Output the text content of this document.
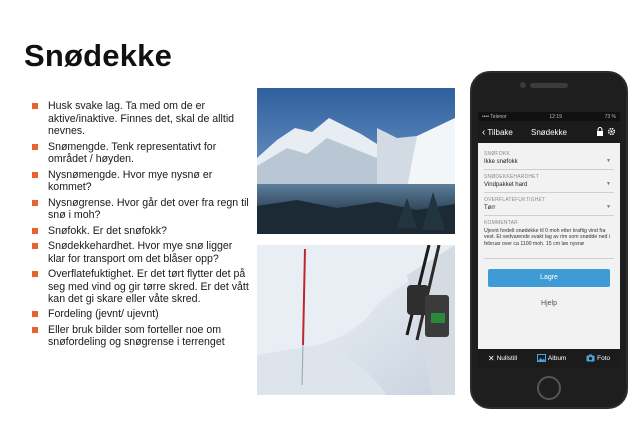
Snødekke
Husk svake lag. Ta med om de er aktive/inaktive. Finnes det, skal de alltid nevnes.
Snømengde. Tenk representativt for området / høyden.
Nysnømengde. Hvor mye nysnø er kommet?
Nysnøgrense. Hvor går det over fra regn til snø i moh?
Snøfokk. Er det snøfokk?
Snødekkehardhet. Hvor mye snø ligger klar for transport om det blåser opp?
Overflatefuktighet. Er det tørt flytter det på seg med vind og gir tørre skred. Er det vått kan det gi skare eller våte skred.
Fordeling (jevnt/ ujevnt)
Eller bruk bilder som forteller noe om snøfordeling og snøgrense i terrenget
•••• Telenor	12:19	73 %
‹ Tilbake	Snødekke
SNØFOKK
Ikke snøfokk	▼
SNØDEKKEHARDHET
Vindpakket hard	▼
OVERFLATEFUKTIGHET
Tørr	▼
KOMMENTAR
Ujevnt fordelt snødekke til 0 moh etter kraftig vind fra vest. Et vedvarende svakt lag av rim som snødde ned i februar over ca 1100 moh. 15 cm løs nysnø
Lagre
Hjelp
✕ Nullstill	Album	Foto
